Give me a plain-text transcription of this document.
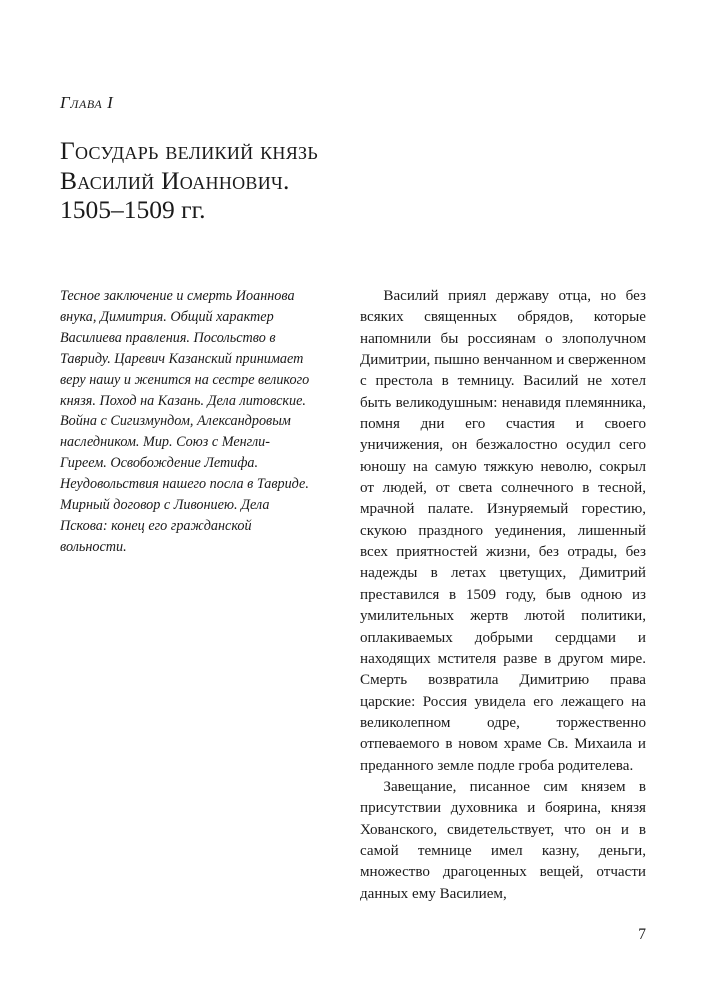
Глава I
Государь великий князь
Василий Иоаннович.
1505–1509 гг.

Тесное заключение и смерть Иоаннова внука, Димитрия. Общий характер Василиева правления. Посольство в Тавриду. Царевич Казанский принимает веру нашу и женится на сестре великого князя. Поход на Казань. Дела литовские. Война с Сигизмундом, Александровым наследником. Мир. Союз с Менгли-Гиреем. Освобождение Летифа. Неудовольствия нашего посла в Тавриде. Мирный договор с Ливониею. Дела Пскова: конец его гражданской вольности.

Василий приял державу отца, но без всяких священных обрядов, которые напомнили бы россиянам о злополучном Димитрии, пышно венчанном и сверженном с престола в темницу. Василий не хотел быть великодушным: ненавидя племянника, помня дни его счастия и своего уничижения, он безжалостно осудил сего юношу на самую тяжкую неволю, сокрыл от людей, от света солнечного в тесной, мрачной палате. Изнуряемый горестию, скукою праздного уединения, лишенный всех приятностей жизни, без отрады, без надежды в летах цветущих, Димитрий преставился в 1509 году, быв одною из умилительных жертв лютой политики, оплакиваемых добрыми сердцами и находящих мстителя разве в другом мире. Смерть возвратила Димитрию права царские: Россия увидела его лежащего на великолепном одре, торжественно отпеваемого в новом храме Св. Михаила и преданного земле подле гроба родителева.

Завещание, писанное сим князем в присутствии духовника и боярина, князя Хованского, свидетельствует, что он и в самой темнице имел казну, деньги, множество драгоценных вещей, отчасти данных ему Василием,

7
